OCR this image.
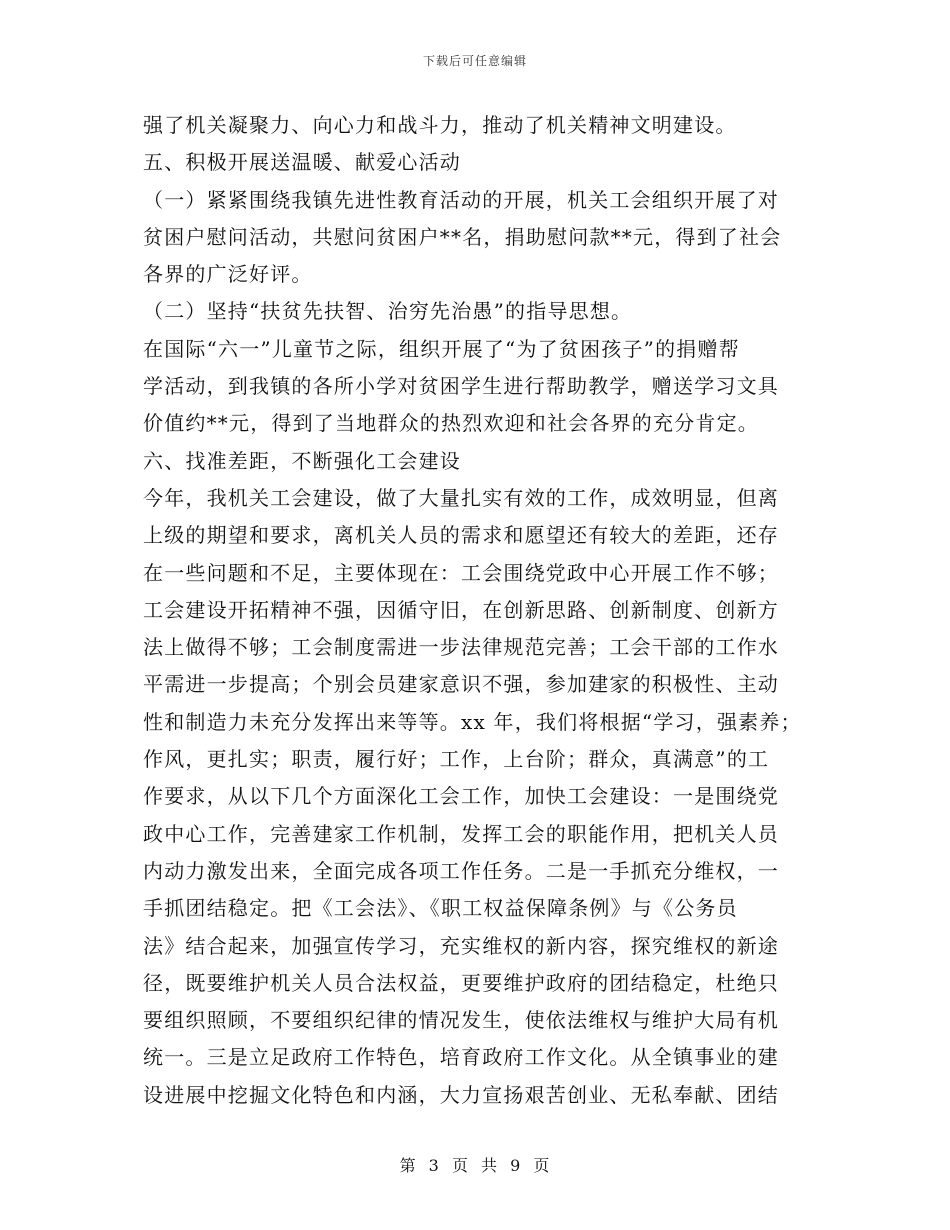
下载后可任意编辑
强了机关凝聚力、向心力和战斗力，推动了机关精神文明建设。
五、积极开展送温暖、献爱心活动
（一）紧紧围绕我镇先进性教育活动的开展，机关工会组织开展了对
贫困户慰问活动，共慰问贫困户**名，捐助慰问款**元，得到了社会
各界的广泛好评。
（二）坚持“扶贫先扶智、治穷先治愚”的指导思想。
在国际“六一”儿童节之际，组织开展了“为了贫困孩子”的捐赠帮
学活动，到我镇的各所小学对贫困学生进行帮助教学，赠送学习文具
价值约**元，得到了当地群众的热烈欢迎和社会各界的充分肯定。
六、找准差距，不断强化工会建设
今年，我机关工会建设，做了大量扎实有效的工作，成效明显，但离
上级的期望和要求，离机关人员的需求和愿望还有较大的差距，还存
在一些问题和不足，主要体现在：工会围绕党政中心开展工作不够；
工会建设开拓精神不强，因循守旧，在创新思路、创新制度、创新方
法上做得不够；工会制度需进一步法律规范完善；工会干部的工作水
平需进一步提高；个别会员建家意识不强，参加建家的积极性、主动
性和制造力未充分发挥出来等等。xx 年，我们将根据“学习，强素养；
作风，更扎实；职责，履行好；工作，上台阶；群众，真满意”的工
作要求，从以下几个方面深化工会工作，加快工会建设：一是围绕党
政中心工作，完善建家工作机制，发挥工会的职能作用，把机关人员
内动力激发出来，全面完成各项工作任务。二是一手抓充分维权，一
手抓团结稳定。把《工会法》、《职工权益保障条例》与《公务员
法》结合起来，加强宣传学习，充实维权的新内容，探究维权的新途
径，既要维护机关人员合法权益，更要维护政府的团结稳定，杜绝只
要组织照顾，不要组织纪律的情况发生，使依法维权与维护大局有机
统一。三是立足政府工作特色，培育政府工作文化。从全镇事业的建
设进展中挖掘文化特色和内涵，大力宣扬艰苦创业、无私奉献、团结
第 3 页 共 9 页
